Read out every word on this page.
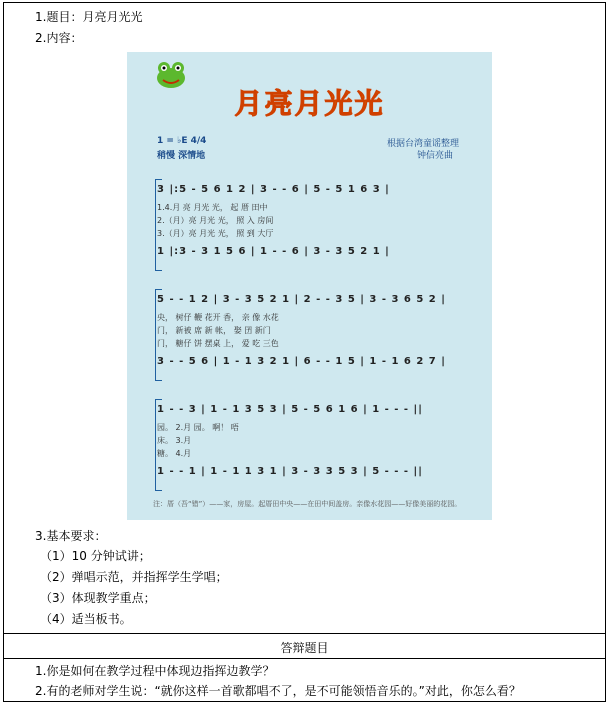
1.题目：月亮月光光
2.内容：
月亮月光光
1 = ♭E 4/4
稍慢 深情地
根据台湾童谣整理
钟信亮曲
3 |:5 - 5 6 1 2 | 3 - - 6 | 5 - 5 1 6 3 |
1.4.月 亮 月光 光， 起 厝 田中
2.（月）亮 月光 光， 照 入 房间
3.（月）亮 月光 光， 照 到 大厅
1 |:3 - 3 1 5 6 | 1 - - 6 | 3 - 3 5 2 1 |
5 - - 1 2 | 3 - 3 5 2 1 | 2 - - 3 5 | 3 - 3 6 5 2 |
央， 树仔 鞭 花开 香， 亲 像 水花
门， 新被 席 新 帐， 娶 囝 新门
门， 糖仔 饼 摆桌 上， 爱 吃 三色
3 - - 5 6 | 1 - 1 3 2 1 | 6 - - 1 5 | 1 - 1 6 2 7 |
1 - - 3 | 1 - 1 3 5 3 | 5 - 5 6 1 6 | 1 - - - ||
园。 2.月 园。 啊！ 唔
床。 3.月
糖。 4.月
1 - - 1 | 1 - 1 1 3 1 | 3 - 3 3 5 3 | 5 - - - ||
注：厝（吾“错”）——家，房屋。起厝田中央——在田中间盖房。亲像水花园——好像美丽的花园。
3.基本要求：
（1）10 分钟试讲；
（2）弹唱示范，并指挥学生学唱；
（3）体现教学重点；
（4）适当板书。
答辩题目
1.你是如何在教学过程中体现边指挥边教学？
2.有的老师对学生说：“就你这样一首歌都唱不了，是不可能领悟音乐的。”对此，你怎么看？
